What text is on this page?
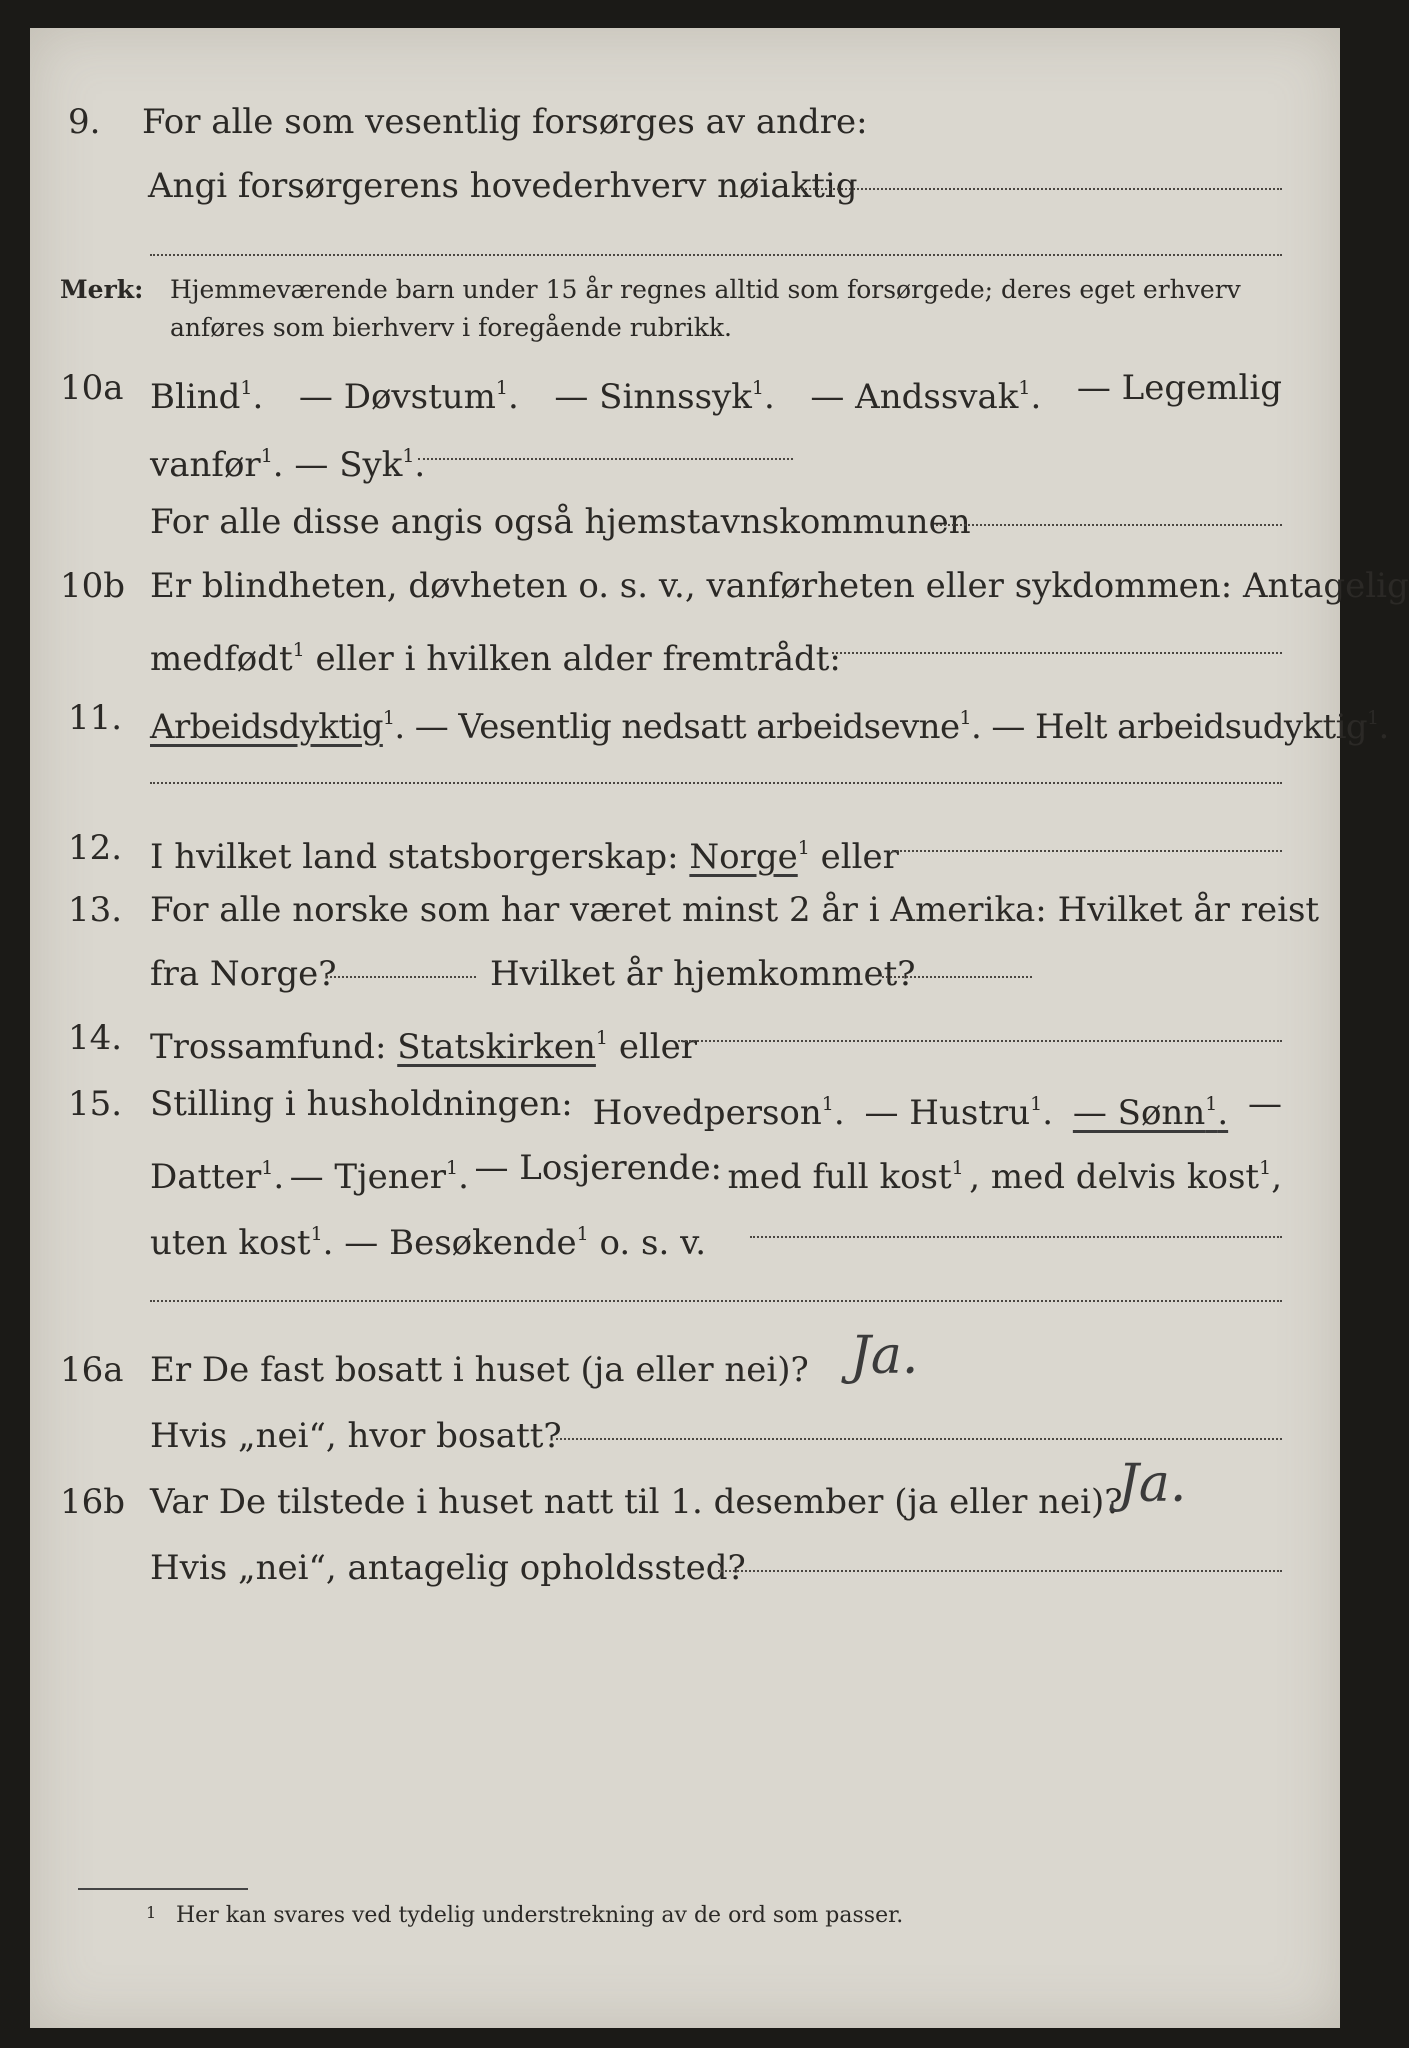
9. For alle som vesentlig forsørges av andre:
Angi forsørgerens hovederhverv nøiaktig
Merk: Hjemmeværende barn under 15 år regnes alltid som forsørgede; deres eget erhverv
anføres som bierhverv i foregående rubrikk.
10a Blind$^1$. — Døvstum$^1$. — Sinnssyk$^1$. — Andssvak$^1$. — Legemlig
vanfør$^1$. — Syk$^1$.
For alle disse angis også hjemstavnskommunen
10b Er blindheten, døvheten o. s. v., vanførheten eller sykdommen: Antagelig
medfødt$^1$ eller i hvilken alder fremtrådt:
11. Arbeidsdyktig$^1$. — Vesentlig nedsatt arbeidsevne$^1$. — Helt arbeidsudyktig$^1$.
12. I hvilket land statsborgerskap: Norge$^1$ eller
13. For alle norske som har været minst 2 år i Amerika: Hvilket år reist
fra Norge?	Hvilket år hjemkommet?
14. Trossamfund: Statskirken$^1$ eller
15. Stilling i husholdningen: Hovedperson$^1$. — Hustru$^1$. — Sønn$^1$. —
Datter$^1$. — Tjener$^1$. — Losjerende: med full kost$^1$ , med delvis kost$^1$,
uten kost$^1$. — Besøkende$^1$ o. s. v.
16a Er De fast bosatt i huset (ja eller nei)? Ja.
Hvis „nei“, hvor bosatt?
16b Var De tilstede i huset natt til 1. desember (ja eller nei)?
Ja.
Hvis „nei“, antagelig opholdssted?
1 Her kan svares ved tydelig understrekning av de ord som passer.
